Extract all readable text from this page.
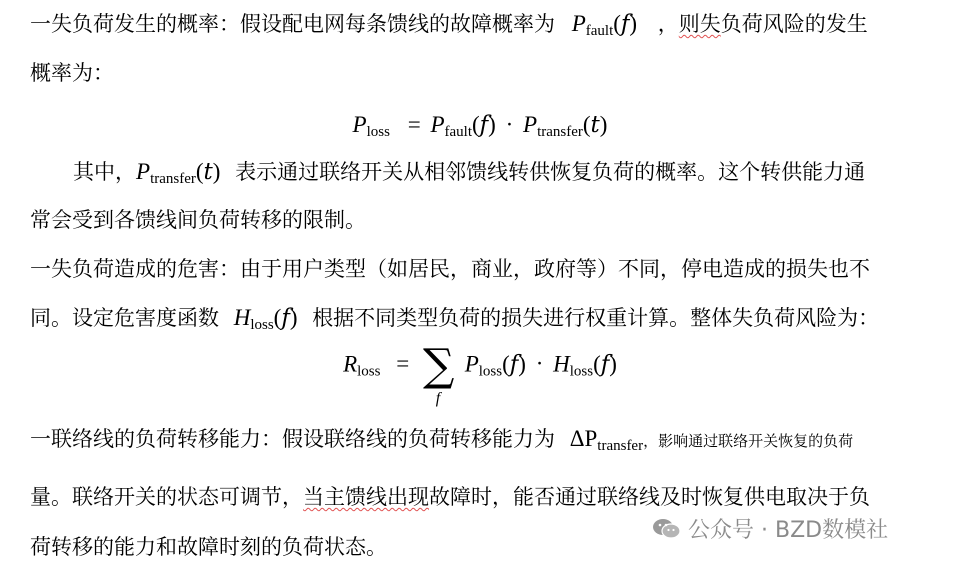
一失负荷发生的概率：假设配电网每条馈线的故障概率为 $P_{fault}(𝑓)$ ，则失负荷风险的发生
概率为：
$P_{loss}$ = $P_{fault}(𝑓)$ · $P_{transfer}(𝑡)$
其中，$P_{transfer}(𝑡)$ 表示通过联络开关从相邻馈线转供恢复负荷的概率。这个转供能力通
常会受到各馈线间负荷转移的限制。
一失负荷造成的危害：由于用户类型（如居民，商业，政府等）不同，停电造成的损失也不
同。设定危害度函数 $H_{loss}(𝑓)$ 根据不同类型负荷的损失进行权重计算。整体失负荷风险为：
$R_{loss}$ = ∑
f
$P_{loss}(𝑓)$ · $H_{loss}(𝑓)$
一联络线的负荷转移能力：假设联络线的负荷转移能力为 $\Delta P_{transfer}$，影响通过联络开关恢复的负荷
量。联络开关的状态可调节，当主馈线出现故障时，能否通过联络线及时恢复供电取决于负
荷转移的能力和故障时刻的负荷状态。
公众号 · BZD数模社
